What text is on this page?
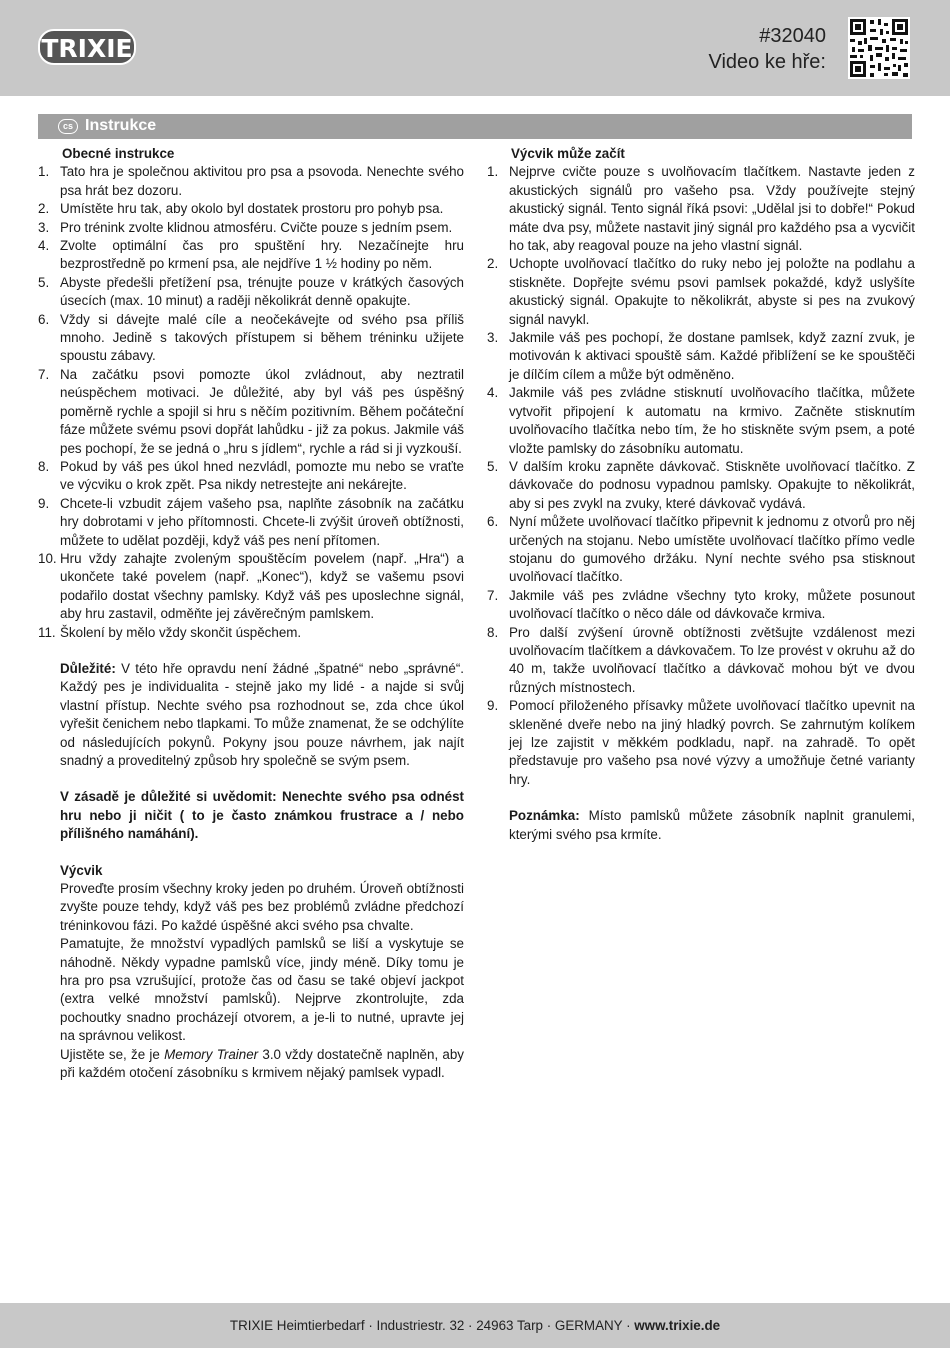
TRIXIE	#32040
Video ke hře:
cs Instrukce
Obecné instrukce
1. Tato hra je společnou aktivitou pro psa a psovoda. Nenechte svého psa hrát bez dozoru.
2. Umístěte hru tak, aby okolo byl dostatek prostoru pro pohyb psa.
3. Pro trénink zvolte klidnou atmosféru. Cvičte pouze s jedním psem.
4. Zvolte optimální čas pro spuštění hry. Nezačínejte hru bezprostředně po krmení psa, ale nejdříve 1 ½ hodiny po něm.
5. Abyste předešli přetížení psa, trénujte pouze v krátkých časových úsecích (max. 10 minut) a raději několikrát denně opakujte.
6. Vždy si dávejte malé cíle a neočekávejte od svého psa příliš mnoho. Jedině s takových přístupem si během tréninku užijete spoustu zábavy.
7. Na začátku psovi pomozte úkol zvládnout, aby neztratil neúspěchem motivaci. Je důležité, aby byl váš pes úspěšný poměrně rychle a spojil si hru s něčím pozitivním. Během počáteční fáze můžete svému psovi dopřát lahůdku - již za pokus. Jakmile váš pes pochopí, že se jedná o „hru s jídlem“, rychle a rád si ji vyzkouší.
8. Pokud by váš pes úkol hned nezvládl, pomozte mu nebo se vraťte ve výcviku o krok zpět. Psa nikdy netrestejte ani nekárejte.
9. Chcete-li vzbudit zájem vašeho psa, naplňte zásobník na začátku hry dobrotami v jeho přítomnosti. Chcete-li zvýšit úroveň obtížnosti, můžete to udělat později, když váš pes není přítomen.
10. Hru vždy zahajte zvoleným spouštěcím povelem (např. „Hra“) a ukončete také povelem (např. „Konec“), když se vašemu psovi podařilo dostat všechny pamlsky. Když váš pes uposlechne signál, aby hru zastavil, odměňte jej závěrečným pamlskem.
11. Školení by mělo vždy skončit úspěchem.
Důležité: V této hře opravdu není žádné „špatné“ nebo „správné“. Každý pes je individualita - stejně jako my lidé - a najde si svůj vlastní přístup. Nechte svého psa rozhodnout se, zda chce úkol vyřešit čenichem nebo tlapkami. To může znamenat, že se odchýlíte od následujících pokynů. Pokyny jsou pouze návrhem, jak najít snadný a proveditelný způsob hry společně se svým psem.
V zásadě je důležité si uvědomit: Nenechte svého psa odnést hru nebo ji ničit ( to je často známkou frustrace a / nebo přílišného namáhání).
Výcvik
Proveďte prosím všechny kroky jeden po druhém. Úroveň obtížnosti zvyšte pouze tehdy, když váš pes bez problémů zvládne předchozí tréninkovou fázi. Po každé úspěšné akci svého psa chvalte.
Pamatujte, že množství vypadlých pamlsků se liší a vyskytuje se náhodně. Někdy vypadne pamlsků více, jindy méně. Díky tomu je hra pro psa vzrušující, protože čas od času se také objeví jackpot (extra velké množství pamlsků). Nejprve zkontrolujte, zda pochoutky snadno procházejí otvorem, a je-li to nutné, upravte jej na správnou velikost.
Ujistěte se, že je Memory Trainer 3.0 vždy dostatečně naplněn, aby při každém otočení zásobníku s krmivem nějaký pamlsek vypadl.
Výcvik může začít
1. Nejprve cvičte pouze s uvolňovacím tlačítkem. Nastavte jeden z akustických signálů pro vašeho psa. Vždy používejte stejný akustický signál. Tento signál říká psovi: „Udělal jsi to dobře!“ Pokud máte dva psy, můžete nastavit jiný signál pro každého psa a vycvičit ho tak, aby reagoval pouze na jeho vlastní signál.
2. Uchopte uvolňovací tlačítko do ruky nebo jej položte na podlahu a stiskněte. Dopřejte svému psovi pamlsek pokaždé, když uslyšíte akustický signál. Opakujte to několikrát, abyste si pes na zvukový signál navykl.
3. Jakmile váš pes pochopí, že dostane pamlsek, když zazní zvuk, je motivován k aktivaci spouště sám. Každé přiblížení se ke spouštěči je dílčím cílem a může být odměněno.
4. Jakmile váš pes zvládne stisknutí uvolňovacího tlačítka, můžete vytvořit připojení k automatu na krmivo. Začněte stisknutím uvolňovacího tlačítka nebo tím, že ho stiskněte svým psem, a poté vložte pamlsky do zásobníku automatu.
5. V dalším kroku zapněte dávkovač. Stiskněte uvolňovací tlačítko. Z dávkovače do podnosu vypadnou pamlsky. Opakujte to několikrát, aby si pes zvykl na zvuky, které dávkovač vydává.
6. Nyní můžete uvolňovací tlačítko připevnit k jednomu z otvorů pro něj určených na stojanu. Nebo umístěte uvolňovací tlačítko přímo vedle stojanu do gumového držáku. Nyní nechte svého psa stisknout uvolňovací tlačítko.
7. Jakmile váš pes zvládne všechny tyto kroky, můžete posunout uvolňovací tlačítko o něco dále od dávkovače krmiva.
8. Pro další zvýšení úrovně obtížnosti zvětšujte vzdálenost mezi uvolňovacím tlačítkem a dávkovačem. To lze provést v okruhu až do 40 m, takže uvolňovací tlačítko a dávkovač mohou být ve dvou různých místnostech.
9. Pomocí přiloženého přísavky můžete uvolňovací tlačítko upevnit na skleněné dveře nebo na jiný hladký povrch. Se zahrnutým kolíkem jej lze zajistit v měkkém podkladu, např. na zahradě. To opět představuje pro vašeho psa nové výzvy a umožňuje četné varianty hry.
Poznámka: Místo pamlsků můžete zásobník naplnit granulemi, kterými svého psa krmíte.
TRIXIE Heimtierbedarf · Industriestr. 32 · 24963 Tarp · GERMANY · www.trixie.de
